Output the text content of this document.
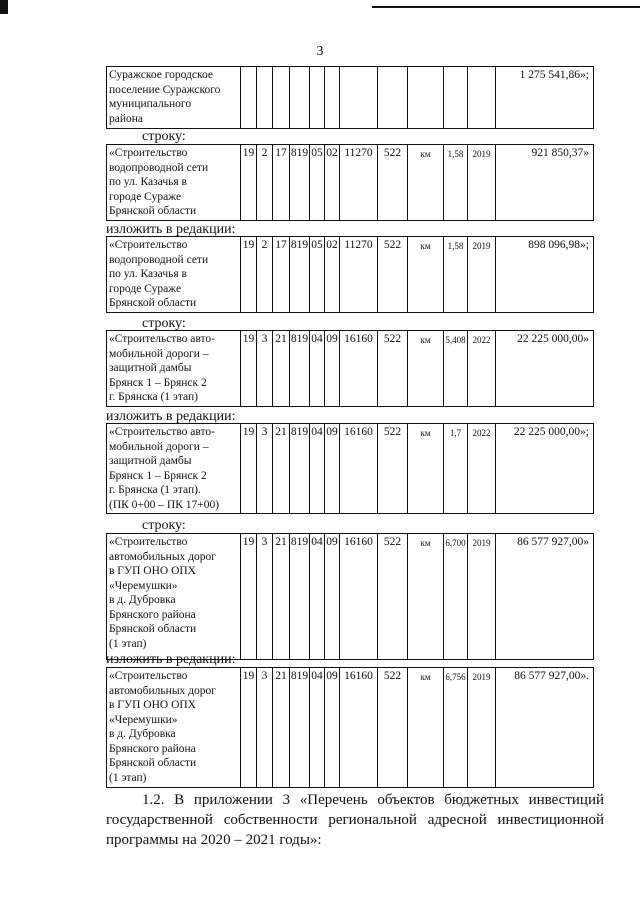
3
Суражское городское
поселение Суражского
муниципального
района												1 275 541,86»;
«Строительство
водопроводной сети
по ул. Казачья в
городе Сураже
Брянской области	19	2	17	819	05	02	11270	522	км	1,58	2019	921 850,37»
«Строительство
водопроводной сети
по ул. Казачья в
городе Сураже
Брянской области	19	2	17	819	05	02	11270	522	км	1,58	2019	898 096,98»;
«Строительство авто-
мобильной дороги –
защитной дамбы
Брянск 1 – Брянск 2
г. Брянска (1 этап)	19	3	21	819	04	09	16160	522	км	5,408	2022	22 225 000,00»
«Строительство авто-
мобильной дороги –
защитной дамбы
Брянск 1 – Брянск 2
г. Брянска (1 этап).
(ПК 0+00 – ПК 17+00)	19	3	21	819	04	09	16160	522	км	1,7	2022	22 225 000,00»;
«Строительство
автомобильных дорог
в ГУП ОНО ОПХ
«Черемушки»
в д. Дубровка
Брянского района
Брянской области
(1 этап)	19	3	21	819	04	09	16160	522	км	6,700	2019	86 577 927,00»
«Строительство
автомобильных дорог
в ГУП ОНО ОПХ
«Черемушки»
в д. Дубровка
Брянского района
Брянской области
(1 этап)	19	3	21	819	04	09	16160	522	км	6,756	2019	86 577 927,00».
строку:
изложить в редакции:
строку:
изложить в редакции:
строку:
изложить в редакции:
1.2. В приложении 3 «Перечень объектов бюджетных инвестиций государственной собственности региональной адресной инвестиционной программы на 2020 – 2021 годы»:
